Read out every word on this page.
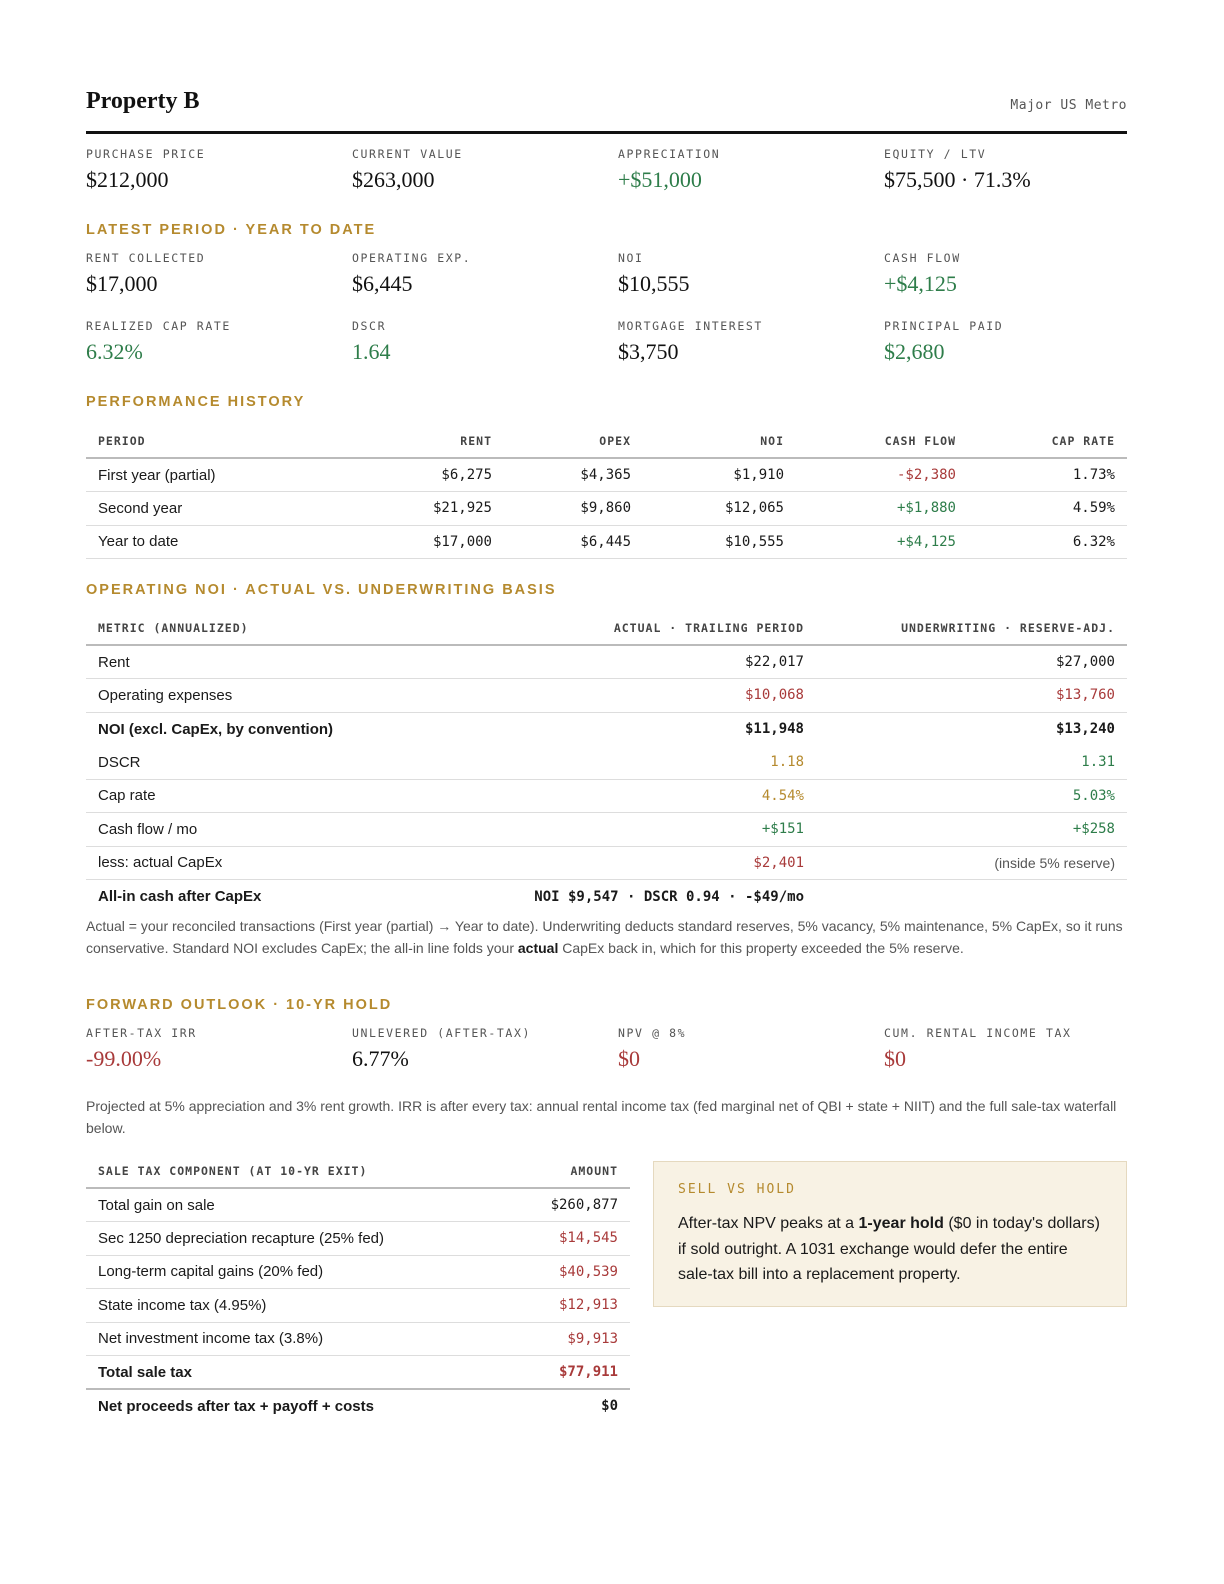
Property B	Major US Metro
PURCHASE PRICE
$212,000
CURRENT VALUE
$263,000
APPRECIATION
+$51,000
EQUITY / LTV
$75,500 · 71.3%
LATEST PERIOD · YEAR TO DATE
RENT COLLECTED
$17,000
OPERATING EXP.
$6,445
NOI
$10,555
CASH FLOW
+$4,125
REALIZED CAP RATE
6.32%
DSCR
1.64
MORTGAGE INTEREST
$3,750
PRINCIPAL PAID
$2,680
PERFORMANCE HISTORY
PERIOD	RENT	OPEX	NOI	CASH FLOW	CAP RATE
First year (partial)	$6,275	$4,365	$1,910	-$2,380	1.73%
Second year	$21,925	$9,860	$12,065	+$1,880	4.59%
Year to date	$17,000	$6,445	$10,555	+$4,125	6.32%
OPERATING NOI · ACTUAL VS. UNDERWRITING BASIS
METRIC (ANNUALIZED)	ACTUAL · TRAILING PERIOD	UNDERWRITING · RESERVE-ADJ.
Rent	$22,017	$27,000
Operating expenses	$10,068	$13,760
NOI (excl. CapEx, by convention)	$11,948	$13,240
DSCR	1.18	1.31
Cap rate	4.54%	5.03%
Cash flow / mo	+$151	+$258
less: actual CapEx	$2,401	(inside 5% reserve)
All-in cash after CapEx	NOI $9,547 · DSCR 0.94 · -$49/mo	
Actual = your reconciled transactions (First year (partial) → Year to date). Underwriting deducts standard reserves, 5% vacancy, 5% maintenance, 5% CapEx, so it runs conservative. Standard NOI excludes CapEx; the all-in line folds your actual CapEx back in, which for this property exceeded the 5% reserve.
FORWARD OUTLOOK · 10-YR HOLD
AFTER-TAX IRR
-99.00%
UNLEVERED (AFTER-TAX)
6.77%
NPV @ 8%
$0
CUM. RENTAL INCOME TAX
$0
Projected at 5% appreciation and 3% rent growth. IRR is after every tax: annual rental income tax (fed marginal net of QBI + state + NIIT) and the full sale-tax waterfall below.
SALE TAX COMPONENT (AT 10-YR EXIT)	AMOUNT
Total gain on sale	$260,877
Sec 1250 depreciation recapture (25% fed)	$14,545
Long-term capital gains (20% fed)	$40,539
State income tax (4.95%)	$12,913
Net investment income tax (3.8%)	$9,913
Total sale tax	$77,911
Net proceeds after tax + payoff + costs	$0
SELL VS HOLD
After-tax NPV peaks at a 1-year hold ($0 in today's dollars) if sold outright. A 1031 exchange would defer the entire sale-tax bill into a replacement property.
